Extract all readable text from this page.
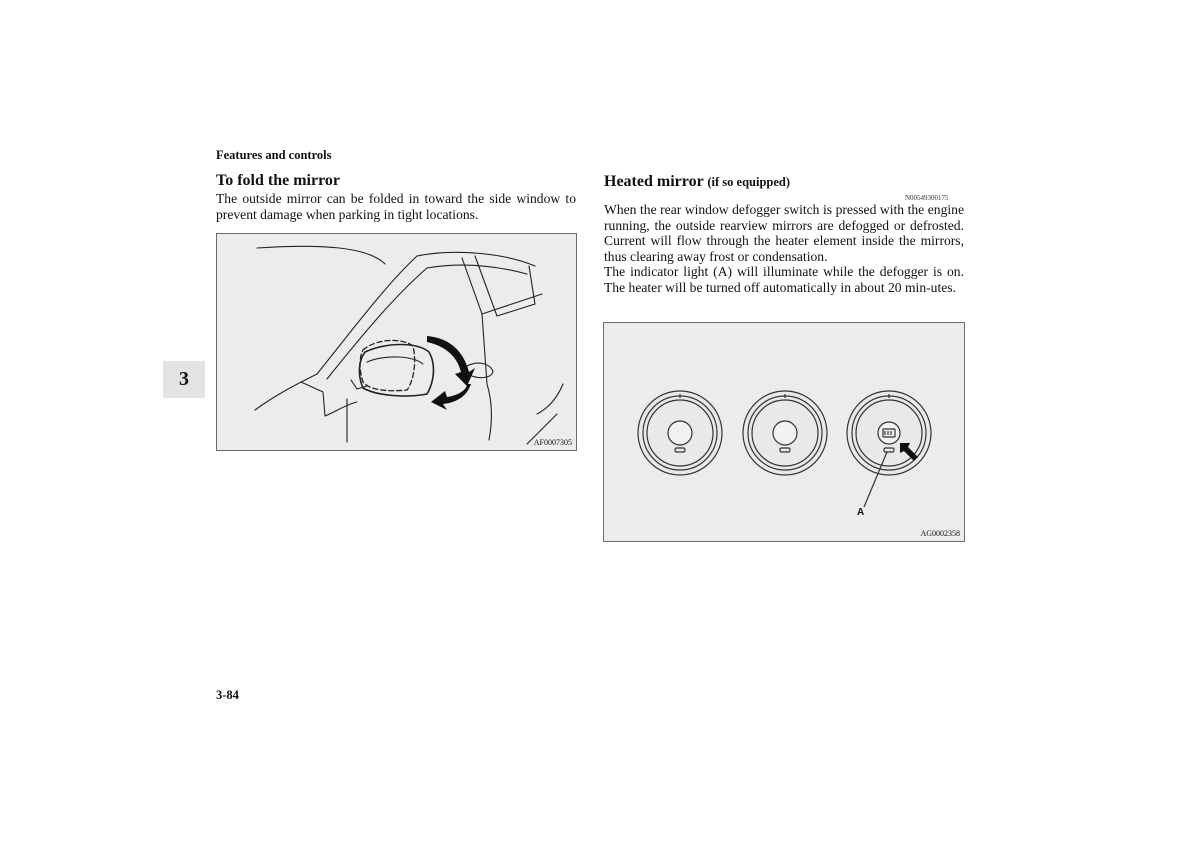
Features and controls
3
To fold the mirror

The outside mirror can be folded in toward the side window to prevent damage when parking in tight locations.

AF0007305
Heated mirror (if so equipped)
N00549300175

When the rear window defogger switch is pressed with the engine running, the outside rearview mirrors are defogged or defrosted. Current will flow through the heater element inside the mirrors, thus clearing away frost or condensation.

The indicator light (A) will illuminate while the defogger is on. The heater will be turned off automatically in about 20 min-utes.

A
AG0002358
3-84
